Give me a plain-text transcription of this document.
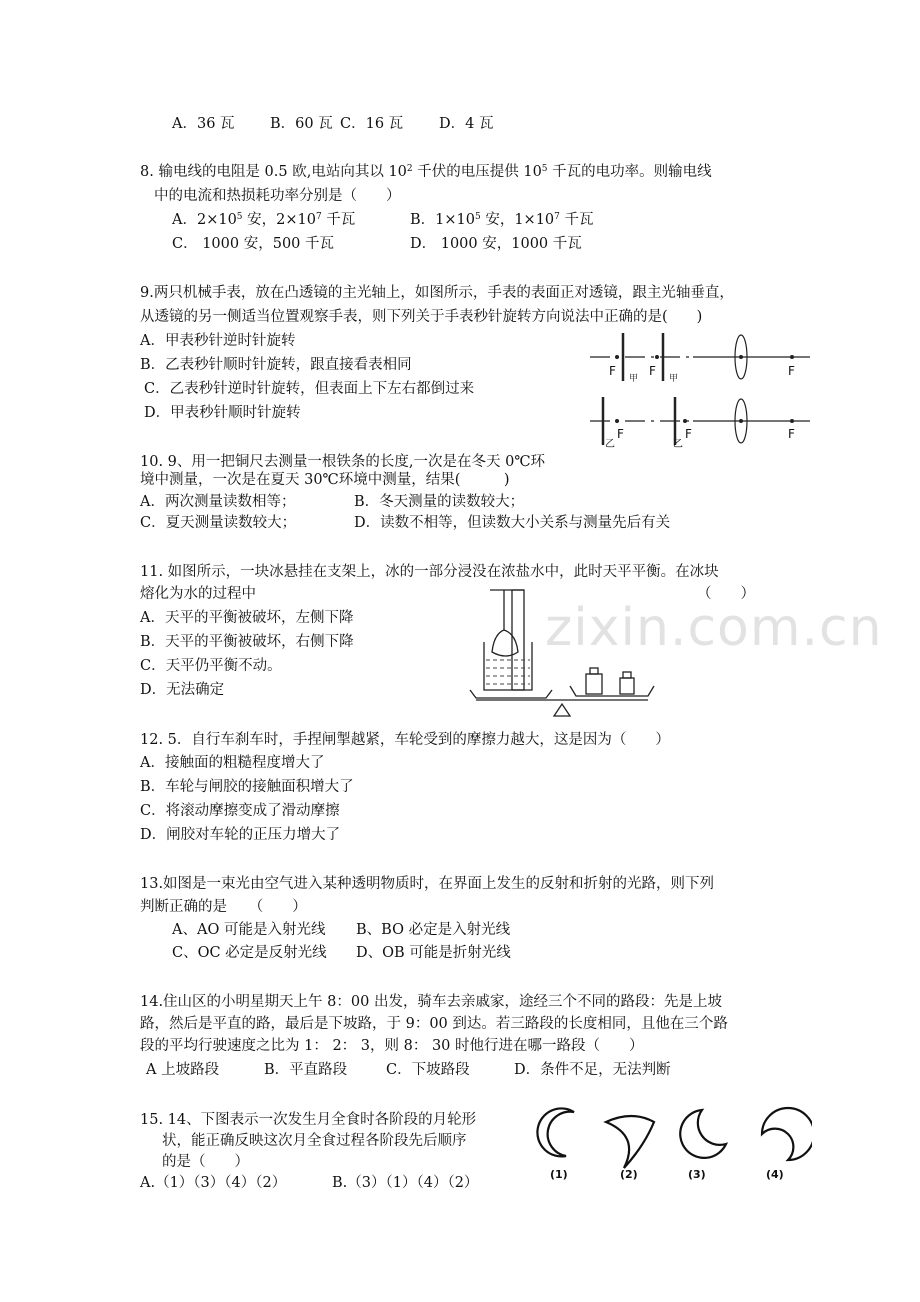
zixin.com.cn
A．36 瓦 B．60 瓦 C．16 瓦 D．4 瓦
8. 输电线的电阻是 0.5 欧,电站向其以 $10^2$ 千伏的电压提供 $10^5$ 千瓦的电功率。则输电线
中的电流和热损耗功率分别是（　　）
A．$2\times 10^5$ 安，$2\times 10^7$ 千瓦	B．$1\times 10^5$ 安，$1\times 10^7$ 千瓦
C． 1000 安，500 千瓦	D． 1000 安，1000 千瓦
9.两只机械手表，放在凸透镜的主光轴上，如图所示，手表的表面正对透镜，跟主光轴垂直，
从透镜的另一侧适当位置观察手表，则下列关于手表秒针旋转方向说法中正确的是(　　)
A．甲表秒针逆时针旋转
B．乙表秒针顺时针旋转，跟直接看表相同
C．乙表秒针逆时针旋转，但表面上下左右都倒过来
D．甲表秒针顺时针旋转
F
甲
F
甲
F
F
乙
F
乙
F
10. 9、用一把铜尺去测量一根铁条的长度,一次是在冬天 0℃环
境中测量，一次是在夏天 30℃环境中测量，结果(　　　)
A．两次测量读数相等；	B．冬天测量的读数较大；
C．夏天测量读数较大；	D．读数不相等，但读数大小关系与测量先后有关
11. 如图所示，一块冰悬挂在支架上，冰的一部分浸没在浓盐水中，此时天平平衡。在冰块
熔化为水的过程中	（　　）
A．天平的平衡被破坏，左侧下降
B．天平的平衡被破坏，右侧下降
C．天平仍平衡不动。
D．无法确定
12. 5．自行车刹车时，手捏闸掣越紧，车轮受到的摩擦力越大，这是因为（　　）
A．接触面的粗糙程度增大了
B．车轮与闸胶的接触面积增大了
C．将滚动摩擦变成了滑动摩擦
D．闸胶对车轮的正压力增大了
13.如图是一束光由空气进入某种透明物质时，在界面上发生的反射和折射的光路，则下列
判断正确的是　　（　　）
A、AO 可能是入射光线 B、BO 必定是入射光线
C、OC 必定是反射光线 D、OB 可能是折射光线
14.住山区的小明星期天上午 8：00 出发，骑车去亲戚家，途经三个不同的路段：先是上坡
路，然后是平直的路，最后是下坡路，于 9：00 到达。若三路段的长度相同，且他在三个路
段的平均行驶速度之比为 1： 2： 3，则 8： 30 时他行进在哪一路段（　　）
A 上坡路段	B．平直路段	C．下坡路段	D．条件不足，无法判断
15. 14、下图表示一次发生月全食时各阶段的月轮形
状，能正确反映这次月全食过程各阶段先后顺序
的是（　　）
A.（1）（3）（4）（2）	B.（3）（1）（4）（2）
(1)	(2)	(3)	(4)
